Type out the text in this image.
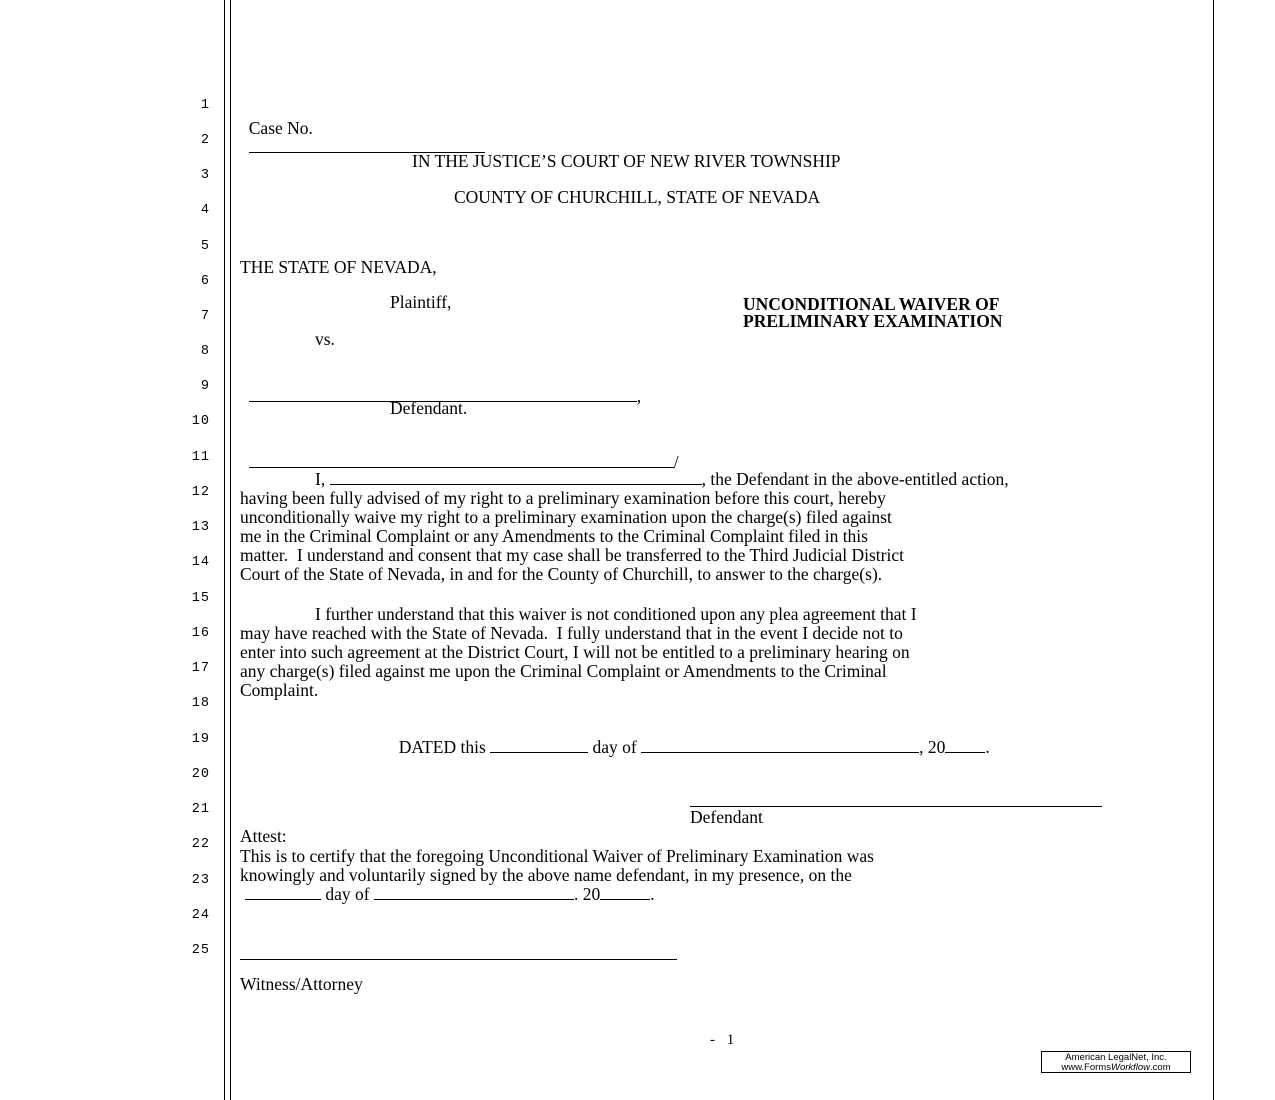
1
2
3
4
5
6
7
8
9
10
11
12
13
14
15
16
17
18
19
20
21
22
23
24
25

Case No.

IN THE JUSTICE’S COURT OF NEW RIVER TOWNSHIP
COUNTY OF CHURCHILL, STATE OF NEVADA
THE STATE OF NEVADA,
Plaintiff,
vs.

,

Defendant.

/

UNCONDITIONAL WAIVER OF
PRELIMINARY EXAMINATION
I,	, the Defendant in the above-entitled action,
having been fully advised of my right to a preliminary examination before this court, hereby
unconditionally waive my right to a preliminary examination upon the charge(s) filed against
me in the Criminal Complaint or any Amendments to the Criminal Complaint filed in this
matter.  I understand and consent that my case shall be transferred to the Third Judicial District
Court of the State of Nevada, in and for the County of Churchill, to answer to the charge(s).
I further understand that this waiver is not conditioned upon any plea agreement that I
may have reached with the State of Nevada.  I fully understand that in the event I decide not to
enter into such agreement at the District Court, I will not be entitled to a preliminary hearing on
any charge(s) filed against me upon the Criminal Complaint or Amendments to the Criminal
Complaint.

DATED this	day of	, 20 .

Defendant
Attest:
This is to certify that the foregoing Unconditional Waiver of Preliminary Examination was
knowingly and voluntarily signed by the above name defendant, in my presence, on the
day of	. 20	.
Witness/Attorney
- 1
American LegalNet, Inc.
www.FormsWorkflow.com
